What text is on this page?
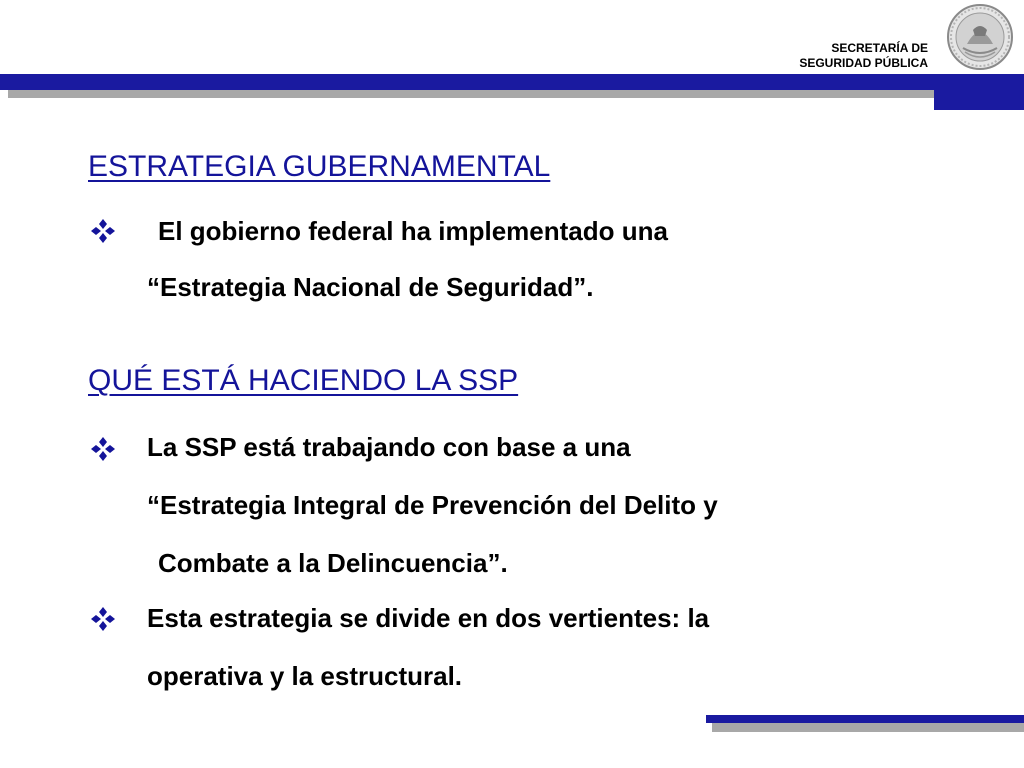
SECRETARÍA DE
SEGURIDAD PÚBLICA
ESTRATEGIA GUBERNAMENTAL
El gobierno federal ha implementado una
“Estrategia Nacional de Seguridad”.
QUÉ ESTÁ HACIENDO LA SSP
La SSP está trabajando con base a una
“Estrategia Integral de Prevención del Delito y
Combate a la Delincuencia”.
Esta estrategia se divide en dos vertientes: la
operativa y la estructural.
